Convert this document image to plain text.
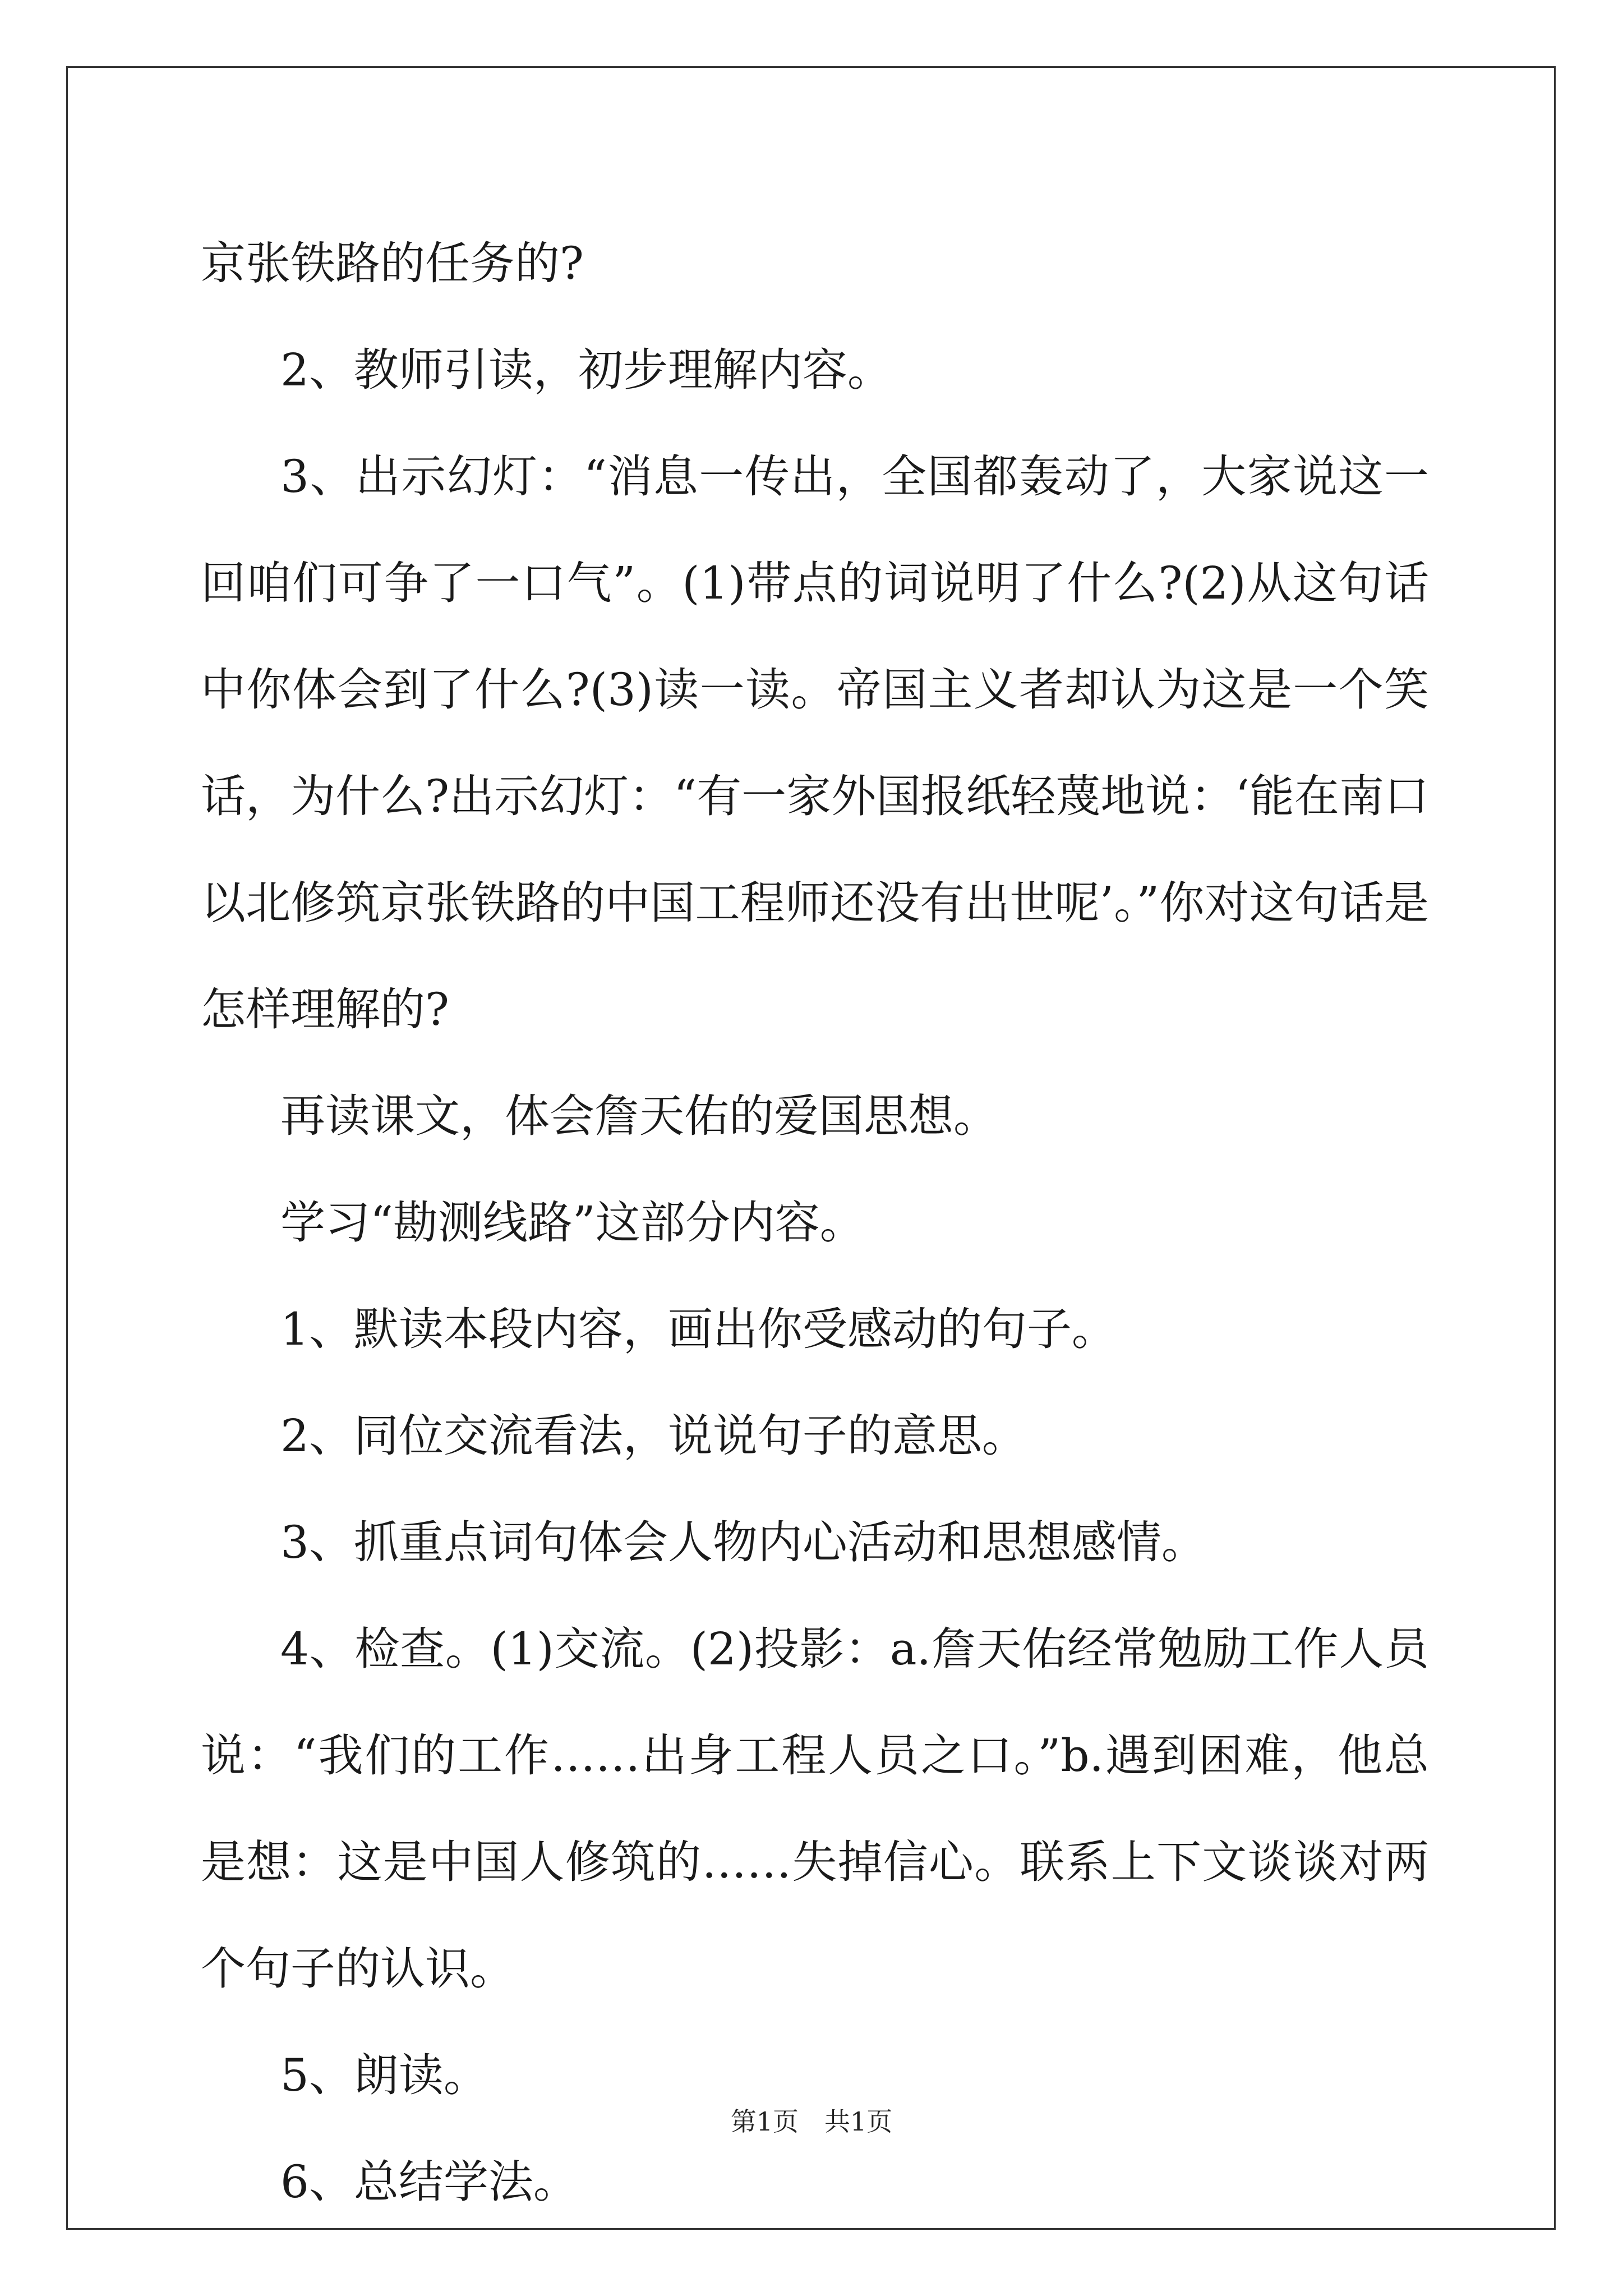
京张铁路的任务的?

2、教师引读，初步理解内容。

3、出示幻灯：“消息一传出，全国都轰动了，大家说这一回咱们可争了一口气”。(1)带点的词说明了什么?(2)从这句话中你体会到了什么?(3)读一读。帝国主义者却认为这是一个笑话，为什么?出示幻灯：“有一家外国报纸轻蔑地说：‘能在南口以北修筑京张铁路的中国工程师还没有出世呢’。”你对这句话是怎样理解的?

再读课文，体会詹天佑的爱国思想。

学习“勘测线路”这部分内容。

1、默读本段内容，画出你受感动的句子。

2、同位交流看法，说说句子的意思。

3、抓重点词句体会人物内心活动和思想感情。

4、检查。(1)交流。(2)投影：a.詹天佑经常勉励工作人员说：“我们的工作……出身工程人员之口。”b.遇到困难，他总是想：这是中国人修筑的……失掉信心。联系上下文谈谈对两个句子的认识。

5、朗读。

6、总结学法。

第1页 共1页
